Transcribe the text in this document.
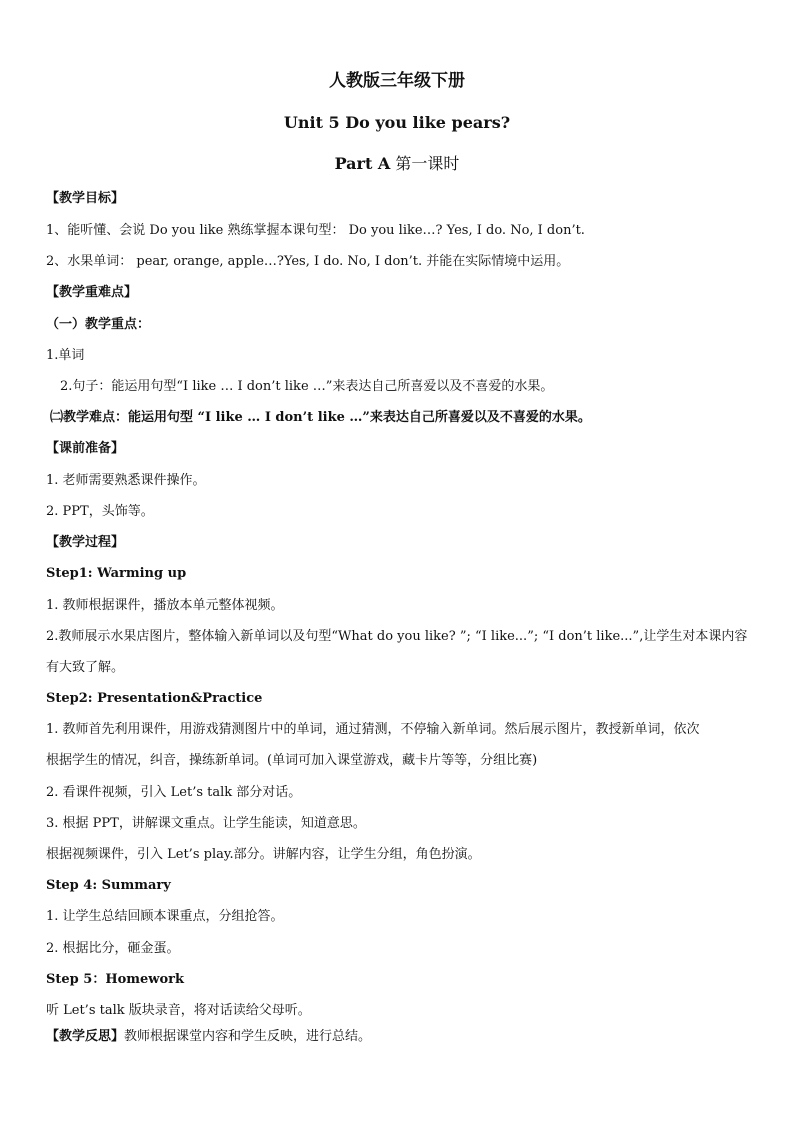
人教版三年级下册
Unit 5 Do you like pears?
Part A 第一课时
【教学目标】
1、能听懂、会说 Do you like 熟练掌握本课句型： Do you like…? Yes, I do. No, I don’t.
2、水果单词： pear, orange, apple…?Yes, I do. No, I don’t. 并能在实际情境中运用。
【教学重难点】
（一）教学重点：
1.单词
2.句子：能运用句型“I like … I don’t like …”来表达自己所喜爱以及不喜爱的水果。
㈡教学难点：能运用句型 “I like … I don’t like …”来表达自己所喜爱以及不喜爱的水果。
【课前准备】
1. 老师需要熟悉课件操作。
2. PPT，头饰等。
【教学过程】
Step1: Warming up
1. 教师根据课件，播放本单元整体视频。
2.教师展示水果店图片，整体输入新单词以及句型“What do you like? ”; “I like...”; “I don’t like...”,让学生对本课内容
有大致了解。
Step2: Presentation&Practice
1. 教师首先利用课件，用游戏猜测图片中的单词，通过猜测，不停输入新单词。然后展示图片，教授新单词，依次
根据学生的情况，纠音，操练新单词。(单词可加入课堂游戏，藏卡片等等，分组比赛)
2. 看课件视频，引入 Let’s talk 部分对话。
3. 根据 PPT，讲解课文重点。让学生能读，知道意思。
根据视频课件，引入 Let’s play.部分。讲解内容，让学生分组，角色扮演。
Step 4: Summary
1. 让学生总结回顾本课重点，分组抢答。
2. 根据比分，砸金蛋。
Step 5：Homework
听 Let’s talk 版块录音，将对话读给父母听。
【教学反思】教师根据课堂内容和学生反映，进行总结。
